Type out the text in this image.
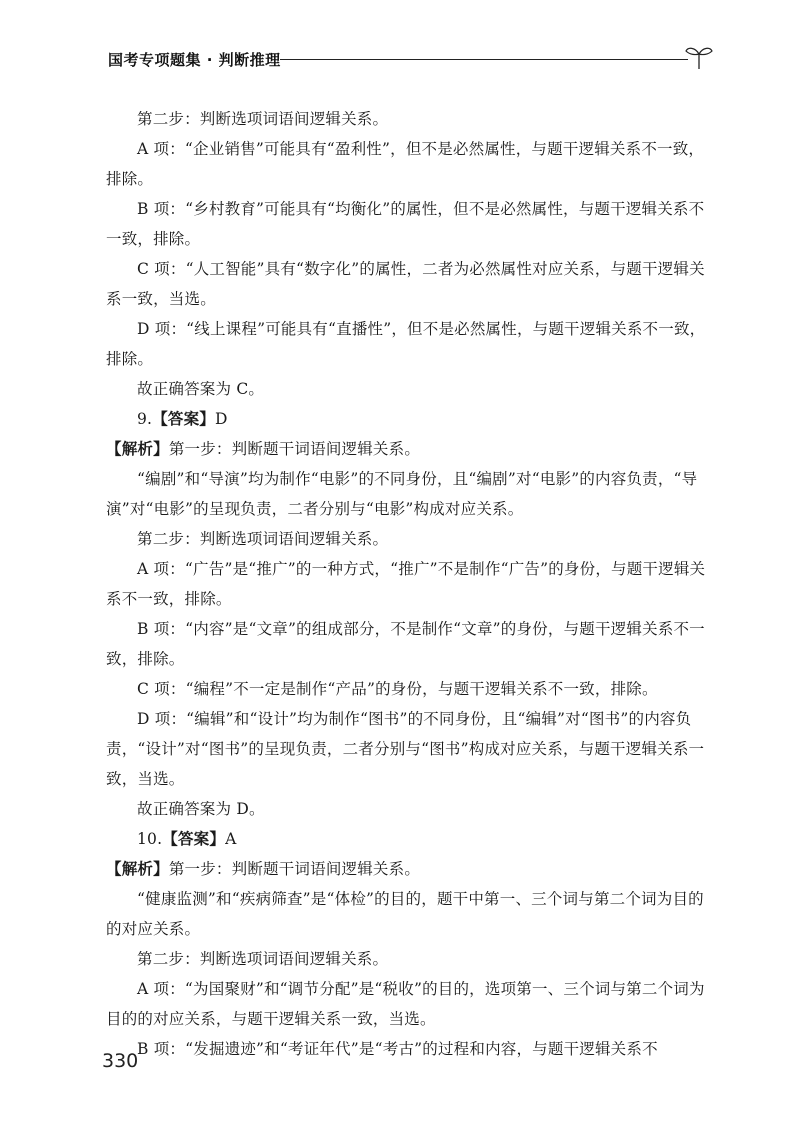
国考专项题集 · 判断推理

第二步：判断选项词语间逻辑关系。

A 项：“企业销售”可能具有“盈利性”，但不是必然属性，与题干逻辑关系不一致，排除。

B 项：“乡村教育”可能具有“均衡化”的属性，但不是必然属性，与题干逻辑关系不一致，排除。

C 项：“人工智能”具有“数字化”的属性，二者为必然属性对应关系，与题干逻辑关系一致，当选。

D 项：“线上课程”可能具有“直播性”，但不是必然属性，与题干逻辑关系不一致，排除。

故正确答案为 C。

9.【答案】D

【解析】第一步：判断题干词语间逻辑关系。

“编剧”和“导演”均为制作“电影”的不同身份，且“编剧”对“电影”的内容负责，“导演”对“电影”的呈现负责，二者分别与“电影”构成对应关系。

第二步：判断选项词语间逻辑关系。

A 项：“广告”是“推广”的一种方式，“推广”不是制作“广告”的身份，与题干逻辑关系不一致，排除。

B 项：“内容”是“文章”的组成部分，不是制作“文章”的身份，与题干逻辑关系不一致，排除。

C 项：“编程”不一定是制作“产品”的身份，与题干逻辑关系不一致，排除。

D 项：“编辑”和“设计”均为制作“图书”的不同身份，且“编辑”对“图书”的内容负责，“设计”对“图书”的呈现负责，二者分别与“图书”构成对应关系，与题干逻辑关系一致，当选。

故正确答案为 D。

10.【答案】A

【解析】第一步：判断题干词语间逻辑关系。

“健康监测”和“疾病筛查”是“体检”的目的，题干中第一、三个词与第二个词为目的的对应关系。

第二步：判断选项词语间逻辑关系。

A 项：“为国聚财”和“调节分配”是“税收”的目的，选项第一、三个词与第二个词为目的的对应关系，与题干逻辑关系一致，当选。

B 项：“发掘遗迹”和“考证年代”是“考古”的过程和内容，与题干逻辑关系不

330
